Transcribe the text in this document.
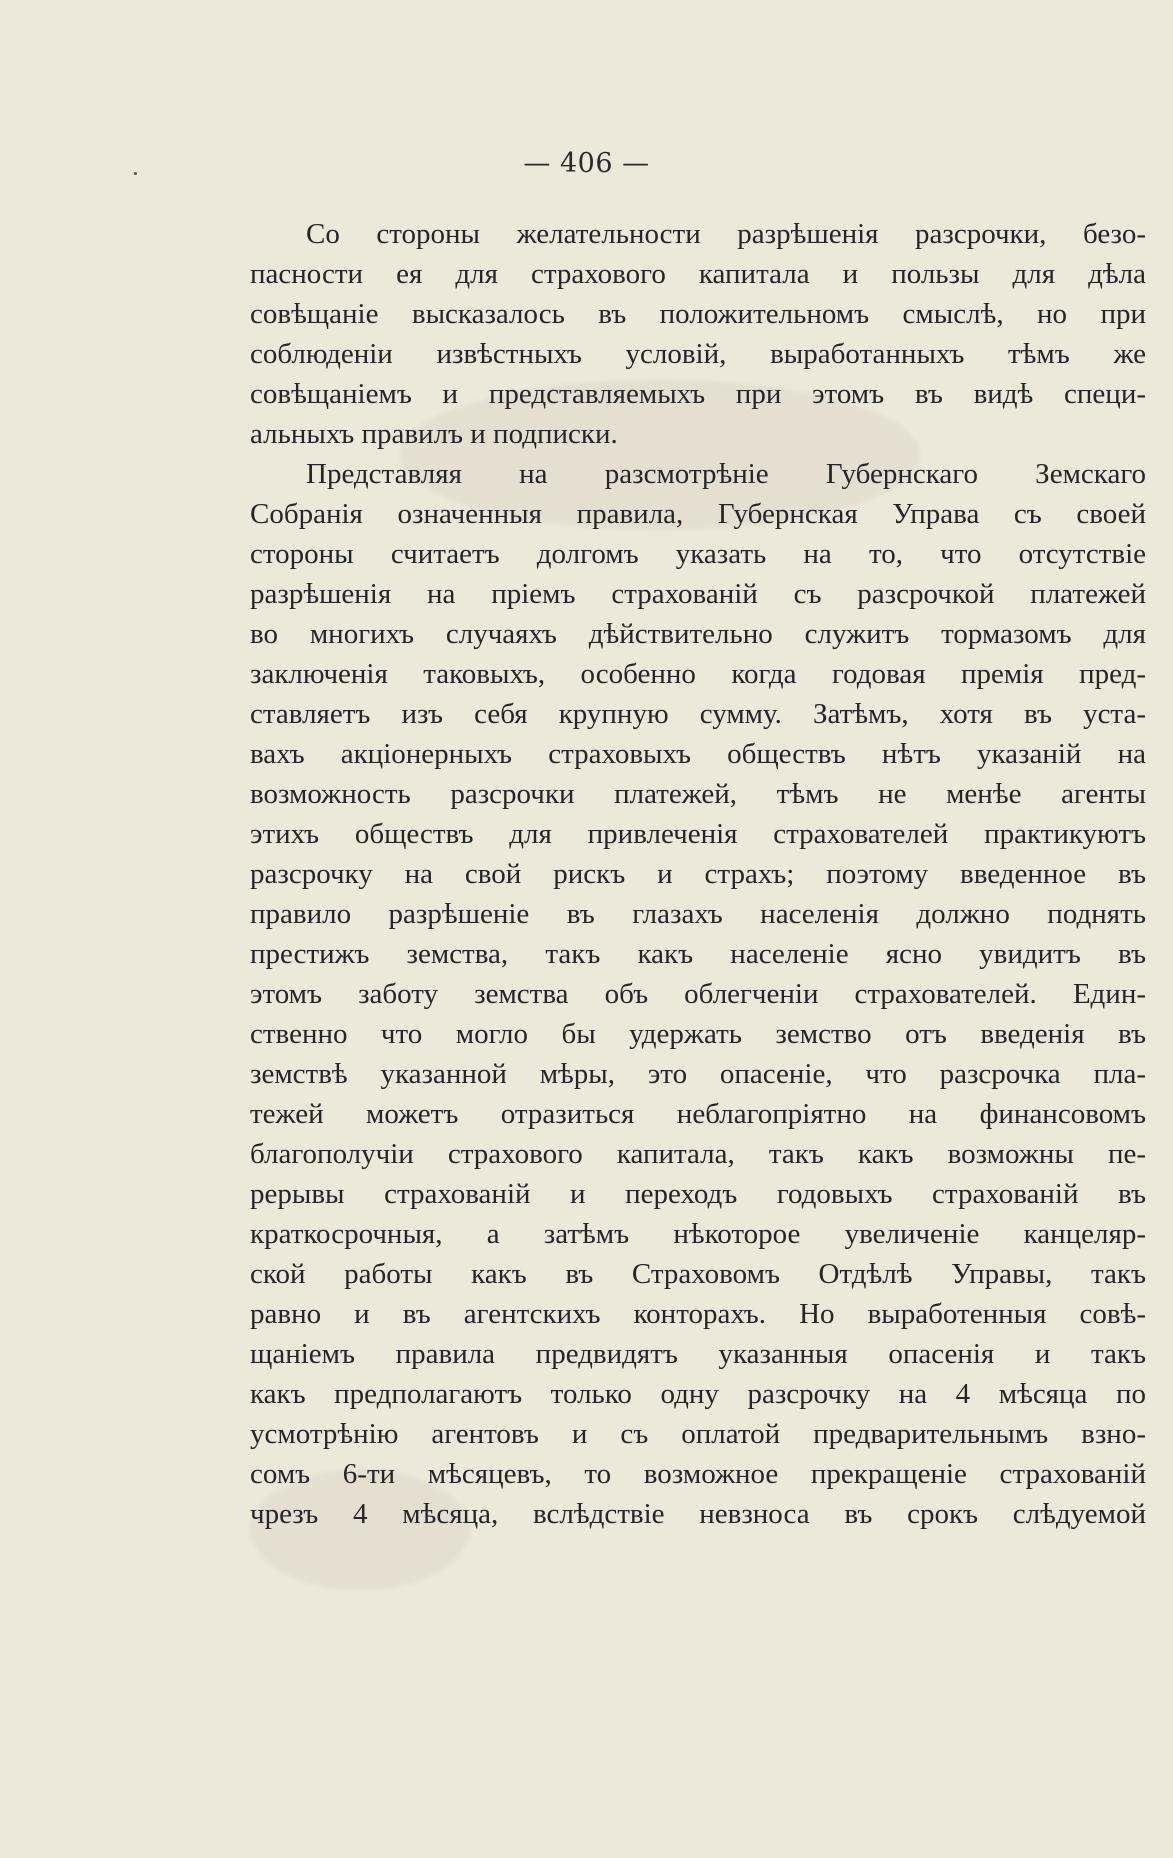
— 406 —
Со стороны желательности разрѣшенія разсрочки, безо-
пасности ея для страхового капитала и пользы для дѣла
совѣщаніе высказалось въ положительномъ смыслѣ, но при
соблюденіи извѣстныхъ условій, выработанныхъ тѣмъ же
совѣщаніемъ и представляемыхъ при этомъ въ видѣ специ-
альныхъ правилъ и подписки.
Представляя на разсмотрѣніе Губернскаго Земскаго
Собранія означенныя правила, Губернская Управа съ своей
стороны считаетъ долгомъ указать на то, что отсутствіе
разрѣшенія на пріемъ страхованій съ разсрочкой платежей
во многихъ случаяхъ дѣйствительно служитъ тормазомъ для
заключенія таковыхъ, особенно когда годовая премія пред-
ставляетъ изъ себя крупную сумму. Затѣмъ, хотя въ уста-
вахъ акціонерныхъ страховыхъ обществъ нѣтъ указаній на
возможность разсрочки платежей, тѣмъ не менѣе агенты
этихъ обществъ для привлеченія страхователей практикуютъ
разсрочку на свой рискъ и страхъ; поэтому введенное въ
правило разрѣшеніе въ глазахъ населенія должно поднять
престижъ земства, такъ какъ населеніе ясно увидитъ въ
этомъ заботу земства объ облегченіи страхователей. Един-
ственно что могло бы удержать земство отъ введенія въ
земствѣ указанной мѣры, это опасеніе, что разсрочка пла-
тежей можетъ отразиться неблагопріятно на финансовомъ
благополучіи страхового капитала, такъ какъ возможны пе-
рерывы страхованій и переходъ годовыхъ страхованій въ
краткосрочныя, а затѣмъ нѣкоторое увеличеніе канцеляр-
ской работы какъ въ Страховомъ Отдѣлѣ Управы, такъ
равно и въ агентскихъ конторахъ. Но выработенныя совѣ-
щаніемъ правила предвидятъ указанныя опасенія и такъ
какъ предполагаютъ только одну разсрочку на 4 мѣсяца по
усмотрѣнію агентовъ и съ оплатой предварительнымъ взно-
сомъ 6-ти мѣсяцевъ, то возможное прекращеніе страхованій
чрезъ 4 мѣсяца, вслѣдствіе невзноса въ срокъ слѣдуемой
